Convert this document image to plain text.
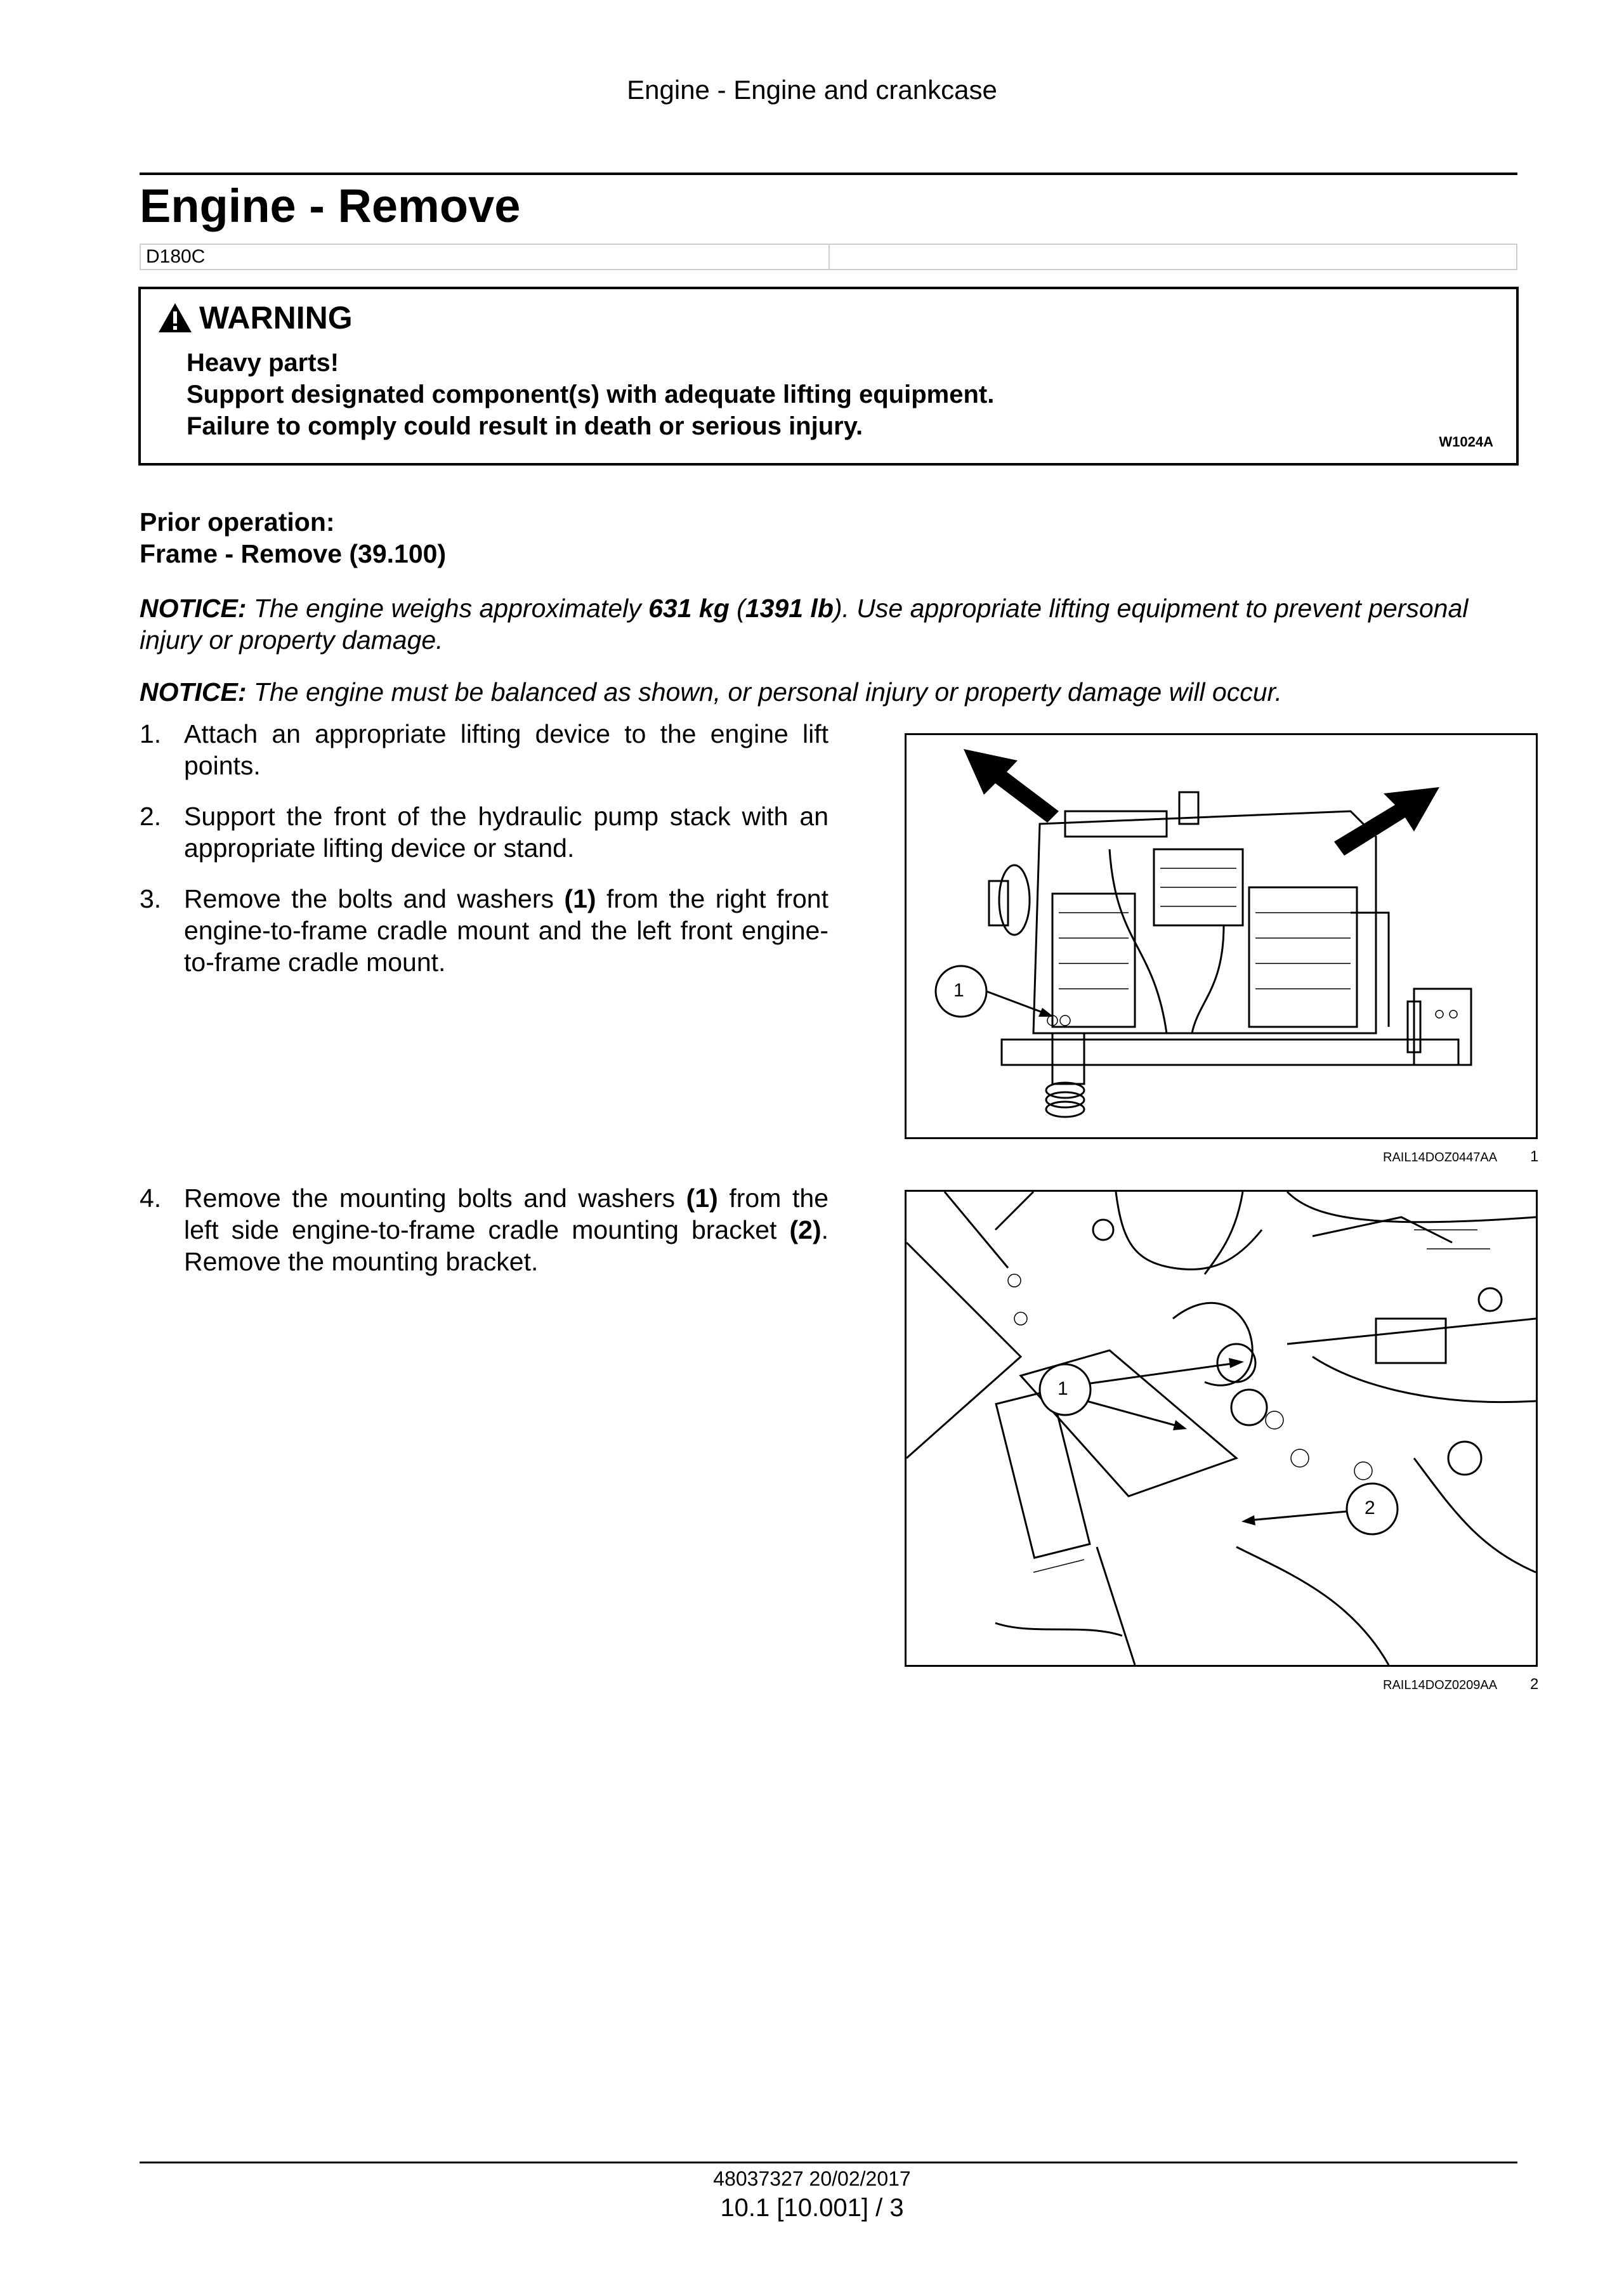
Engine - Engine and crankcase
Engine - Remove
D180C
WARNING
Heavy parts!
Support designated component(s) with adequate lifting equipment.
Failure to comply could result in death or serious injury.
W1024A
Prior operation:
Frame - Remove (39.100)
NOTICE: The engine weighs approximately 631 kg (1391 lb). Use appropriate lifting equipment to prevent personal injury or property damage.
NOTICE: The engine must be balanced as shown, or personal injury or property damage will occur.
1. Attach an appropriate lifting device to the engine lift points.
2. Support the front of the hydraulic pump stack with an appropriate lifting device or stand.
3. Remove the bolts and washers (1) from the right front engine-to-frame cradle mount and the left front engine-to-frame cradle mount.
4. Remove the mounting bolts and washers (1) from the left side engine-to-frame cradle mounting bracket (2). Remove the mounting bracket.
1
RAIL14DOZ0447AA 1
1
2
RAIL14DOZ0209AA 2
48037327 20/02/2017
10.1 [10.001] / 3
